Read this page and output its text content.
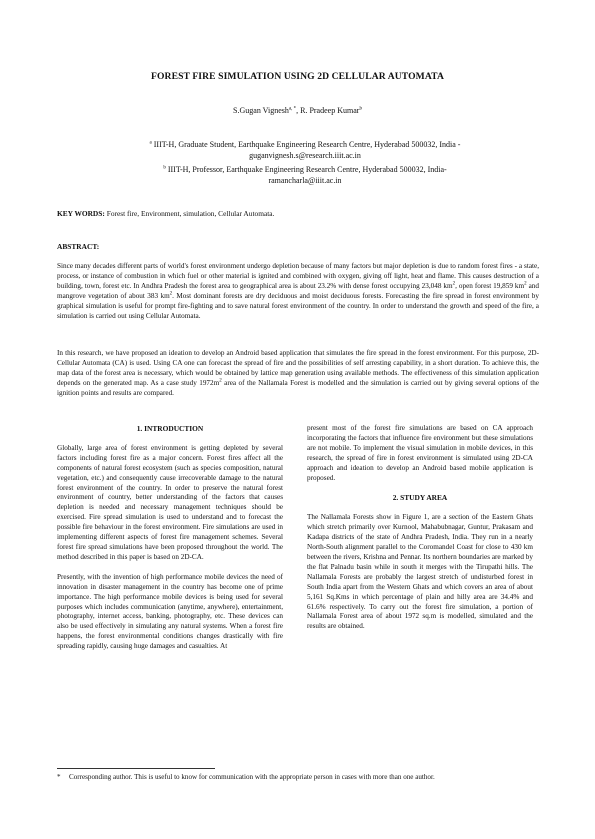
FOREST FIRE SIMULATION USING 2D CELLULAR AUTOMATA
S.Gugan Vignesh$^{a, *}$, R. Pradeep Kumar$^b$
$^a$ IIIT-H, Graduate Student, Earthquake Engineering Research Centre, Hyderabad 500032, India -
guganvignesh.s@research.iiit.ac.in
$^b$ IIIT-H, Professor, Earthquake Engineering Research Centre, Hyderabad 500032, India-
ramancharla@iiit.ac.in
KEY WORDS: Forest fire, Environment, simulation, Cellular Automata.
ABSTRACT:
Since many decades different parts of world's forest environment undergo depletion because of many factors but major depletion is due to random forest fires - a state, process, or instance of combustion in which fuel or other material is ignited and combined with oxygen, giving off light, heat and flame. This causes destruction of a building, town, forest etc. In Andhra Pradesh the forest area to geographical area is about 23.2% with dense forest occupying 23,048 $km^2$, open forest 19,859 $km^2$ and mangrove vegetation of about 383 $km^2$. Most dominant forests are dry deciduous and moist deciduous forests. Forecasting the fire spread in forest environment by graphical simulation is useful for prompt fire-fighting and to save natural forest environment of the country. In order to understand the growth and speed of the fire, a simulation is carried out using Cellular Automata.
In this research, we have proposed an ideation to develop an Android based application that simulates the fire spread in the forest environment. For this purpose, 2D-Cellular Automata (CA) is used. Using CA one can forecast the spread of fire and the possibilities of self arresting capability, in a short duration. To achieve this, the map data of the forest area is necessary, which would be obtained by lattice map generation using available methods. The effectiveness of this simulation application depends on the generated map. As a case study $1972m^2$ area of the Nallamala Forest is modelled and the simulation is carried out by giving several options of the ignition points and results are compared.
1. INTRODUCTION
Globally, large area of forest environment is getting depleted by several factors including forest fire as a major concern. Forest fires affect all the components of natural forest ecosystem (such as species composition, natural vegetation, etc.) and consequently cause irrecoverable damage to the natural forest environment of the country. In order to preserve the natural forest environment of country, better understanding of the factors that causes depletion is needed and necessary management techniques should be exercised. Fire spread simulation is used to understand and to forecast the possible fire behaviour in the forest environment. Fire simulations are used in implementing different aspects of forest fire management schemes. Several forest fire spread simulations have been proposed throughout the world. The method described in this paper is based on 2D-CA.
Presently, with the invention of high performance mobile devices the need of innovation in disaster management in the country has become one of prime importance. The high performance mobile devices is being used for several purposes which includes communication (anytime, anywhere), entertainment, photography, internet access, banking, photography, etc. These devices can also be used effectively in simulating any natural systems. When a forest fire happens, the forest environmental conditions changes drastically with fire spreading rapidly, causing huge damages and casualties. At
present most of the forest fire simulations are based on CA approach incorporating the factors that influence fire environment but these simulations are not mobile. To implement the visual simulation in mobile devices, in this research, the spread of fire in forest environment is simulated using 2D-CA approach and ideation to develop an Android based mobile application is proposed.
2. STUDY AREA
The Nallamala Forests show in Figure 1, are a section of the Eastern Ghats which stretch primarily over Kurnool, Mahabubnagar, Guntur, Prakasam and Kadapa districts of the state of Andhra Pradesh, India. They run in a nearly North-South alignment parallel to the Coromandel Coast for close to 430 km between the rivers, Krishna and Pennar. Its northern boundaries are marked by the flat Palnadu basin while in south it merges with the Tirupathi hills. The Nallamala Forests are probably the largest stretch of undisturbed forest in South India apart from the Western Ghats and which covers an area of about 5,161 Sq.Kms in which percentage of plain and hilly area are 34.4% and 61.6% respectively. To carry out the forest fire simulation, a portion of Nallamala Forest area of about 1972 sq.m is modelled, simulated and the results are obtained.
* Corresponding author. This is useful to know for communication with the appropriate person in cases with more than one author.
